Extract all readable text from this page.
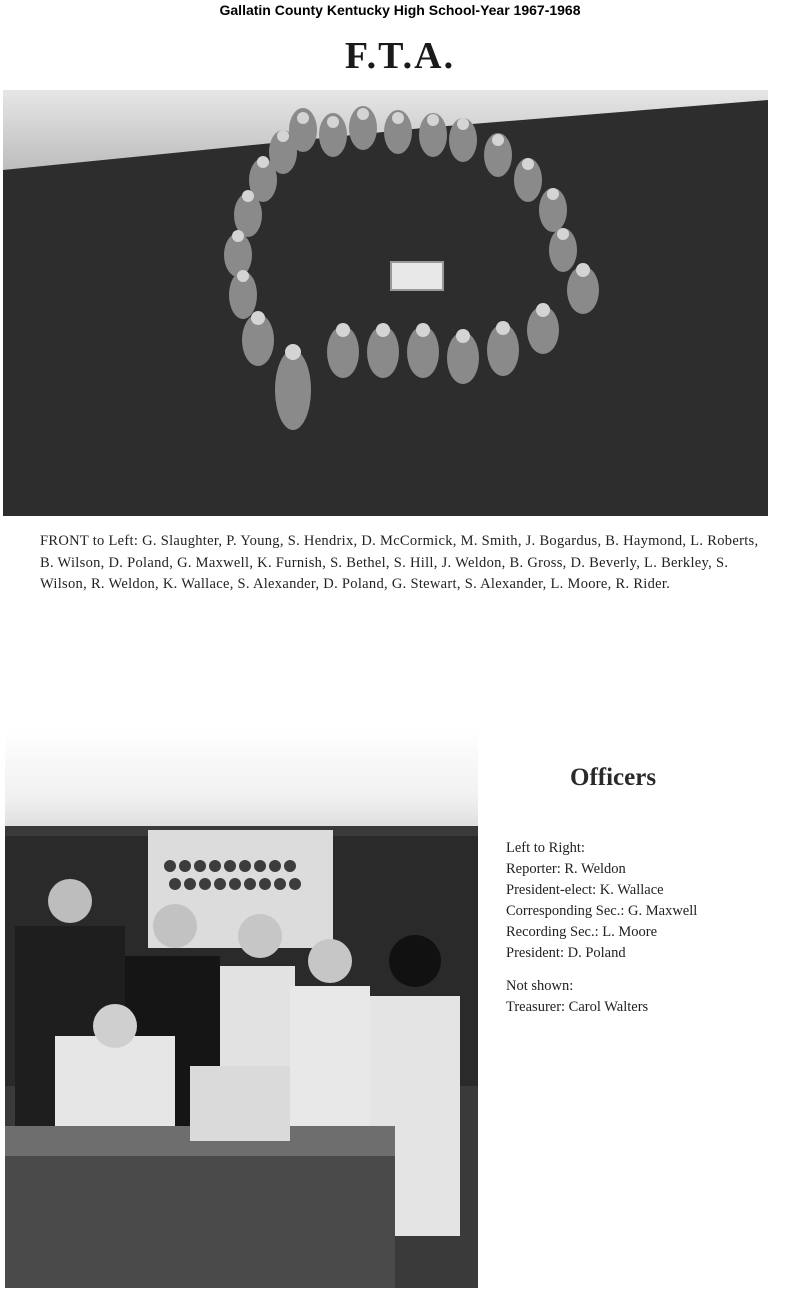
Gallatin County Kentucky High School-Year 1967-1968
F.T.A.
FRONT to Left: G. Slaughter, P. Young, S. Hendrix, D. McCormick, M. Smith, J. Bogardus, B. Haymond, L. Roberts, B. Wilson, D. Poland, G. Maxwell, K. Furnish, S. Bethel, S. Hill, J. Weldon, B. Gross, D. Beverly, L. Berkley, S. Wilson, R. Weldon, K. Wallace, S. Alexander, D. Poland, G. Stewart, S. Alexander, L. Moore, R. Rider.
Officers
Left to Right:
Reporter: R. Weldon
President-elect: K. Wallace
Corresponding Sec.: G. Maxwell
Recording Sec.: L. Moore
President: D. Poland
Not shown:
Treasurer: Carol Walters
